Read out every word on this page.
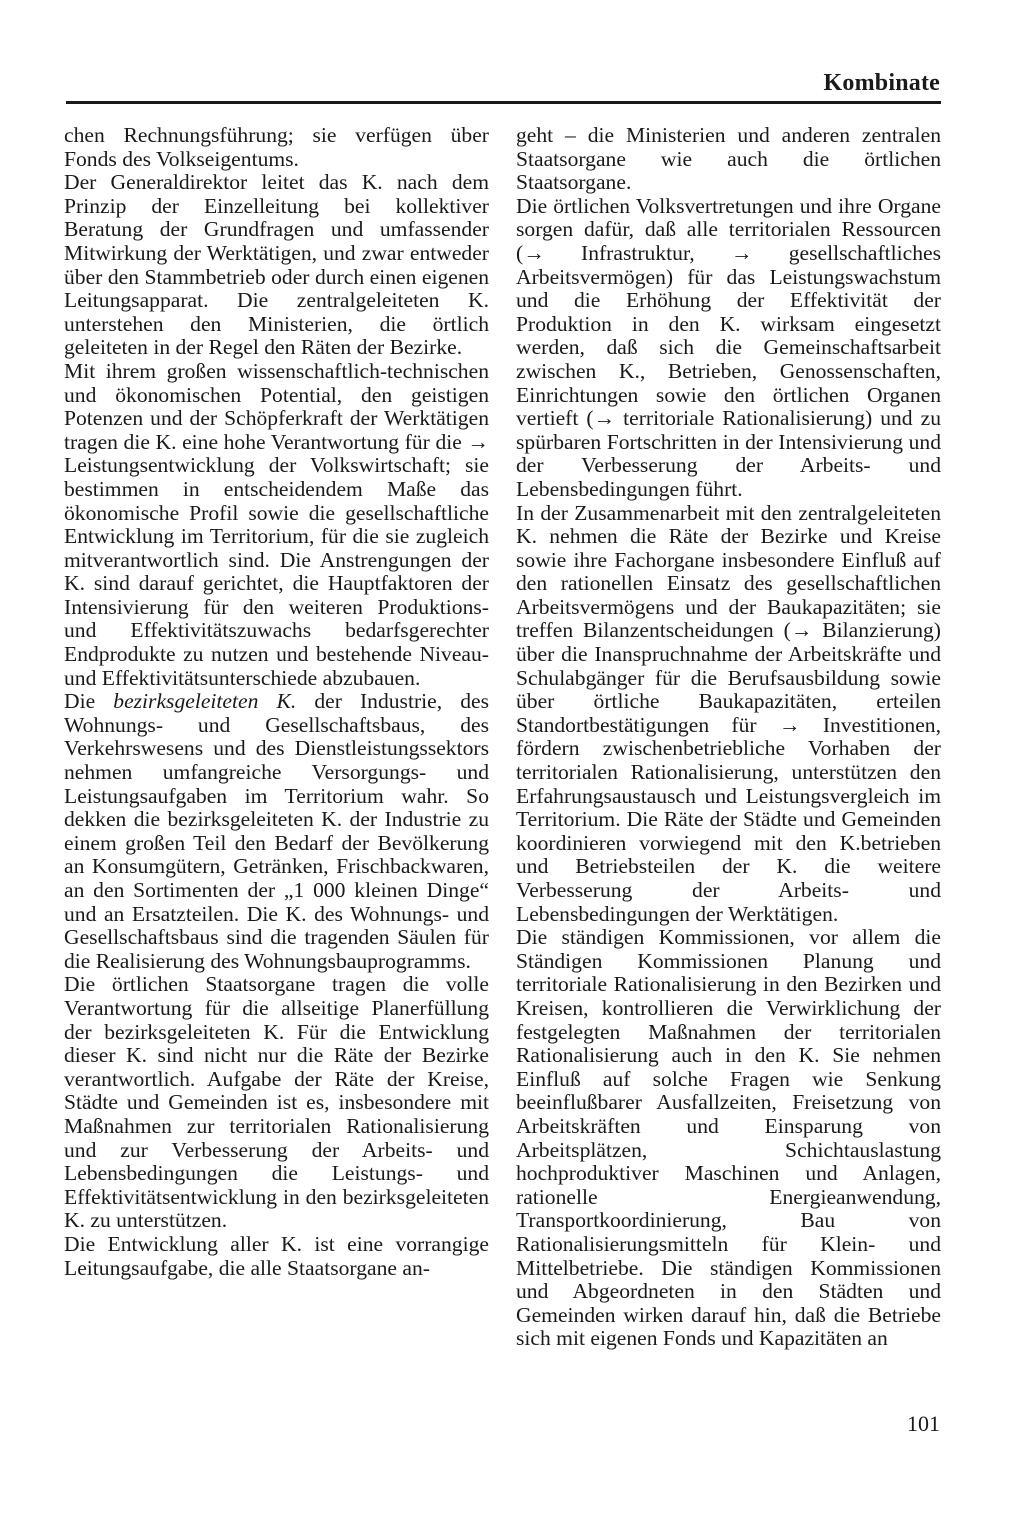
Kombinate

chen Rechnungsführung; sie verfügen über Fonds des Volkseigentums.

Der Generaldirektor leitet das K. nach dem Prinzip der Einzelleitung bei kollektiver Beratung der Grundfragen und umfassender Mitwirkung der Werktätigen, und zwar entweder über den Stammbetrieb oder durch einen eigenen Leitungsapparat. Die zentralgeleiteten K. unterstehen den Ministerien, die örtlich geleiteten in der Regel den Räten der Bezirke.

Mit ihrem großen wissenschaftlich-technischen und ökonomischen Potential, den geistigen Potenzen und der Schöpferkraft der Werktätigen tragen die K. eine hohe Verantwortung für die → Leistungsentwicklung der Volkswirtschaft; sie bestimmen in entscheidendem Maße das ökonomische Profil sowie die gesellschaftliche Entwicklung im Territorium, für die sie zugleich mitverantwortlich sind. Die Anstrengungen der K. sind darauf gerichtet, die Hauptfaktoren der Intensivierung für den weiteren Produktions- und Effektivitätszuwachs bedarfsgerechter Endprodukte zu nutzen und bestehende Niveau- und Effektivitätsunterschiede abzubauen.

Die bezirksgeleiteten K. der Industrie, des Wohnungs- und Gesellschaftsbaus, des Verkehrswesens und des Dienstleistungssektors nehmen umfangreiche Versorgungs- und Leistungsaufgaben im Territorium wahr. So dekken die bezirksgeleiteten K. der Industrie zu einem großen Teil den Bedarf der Bevölkerung an Konsumgütern, Getränken, Frischbackwaren, an den Sortimenten der „1 000 kleinen Dinge“ und an Ersatzteilen. Die K. des Wohnungs- und Gesellschaftsbaus sind die tragenden Säulen für die Realisierung des Wohnungsbauprogramms.

Die örtlichen Staatsorgane tragen die volle Verantwortung für die allseitige Planerfüllung der bezirksgeleiteten K. Für die Entwicklung dieser K. sind nicht nur die Räte der Bezirke verantwortlich. Aufgabe der Räte der Kreise, Städte und Gemeinden ist es, insbesondere mit Maßnahmen zur territorialen Rationalisierung und zur Verbesserung der Arbeits- und Lebensbedingungen die Leistungs- und Effektivitätsentwicklung in den bezirksgeleiteten K. zu unterstützen.

Die Entwicklung aller K. ist eine vorrangige Leitungsaufgabe, die alle Staatsorgane an-

geht – die Ministerien und anderen zentralen Staatsorgane wie auch die örtlichen Staatsorgane.

Die örtlichen Volksvertretungen und ihre Organe sorgen dafür, daß alle territorialen Ressourcen (→ Infrastruktur, → gesellschaftliches Arbeitsvermögen) für das Leistungswachstum und die Erhöhung der Effektivität der Produktion in den K. wirksam eingesetzt werden, daß sich die Gemeinschaftsarbeit zwischen K., Betrieben, Genossenschaften, Einrichtungen sowie den örtlichen Organen vertieft (→ territoriale Rationalisierung) und zu spürbaren Fortschritten in der Intensivierung und der Verbesserung der Arbeits- und Lebensbedingungen führt.

In der Zusammenarbeit mit den zentralgeleiteten K. nehmen die Räte der Bezirke und Kreise sowie ihre Fachorgane insbesondere Einfluß auf den rationellen Einsatz des gesellschaftlichen Arbeitsvermögens und der Baukapazitäten; sie treffen Bilanzentscheidungen (→ Bilanzierung) über die Inanspruchnahme der Arbeitskräfte und Schulabgänger für die Berufsausbildung sowie über örtliche Baukapazitäten, erteilen Standortbestätigungen für → Investitionen, fördern zwischenbetriebliche Vorhaben der territorialen Rationalisierung, unterstützen den Erfahrungsaustausch und Leistungsvergleich im Territorium. Die Räte der Städte und Gemeinden koordinieren vorwiegend mit den K.betrieben und Betriebsteilen der K. die weitere Verbesserung der Arbeits- und Lebensbedingungen der Werktätigen.

Die ständigen Kommissionen, vor allem die Ständigen Kommissionen Planung und territoriale Rationalisierung in den Bezirken und Kreisen, kontrollieren die Verwirklichung der festgelegten Maßnahmen der territorialen Rationalisierung auch in den K. Sie nehmen Einfluß auf solche Fragen wie Senkung beeinflußbarer Ausfallzeiten, Freisetzung von Arbeitskräften und Einsparung von Arbeitsplätzen, Schichtauslastung hochproduktiver Maschinen und Anlagen, rationelle Energieanwendung, Transportkoordinierung, Bau von Rationalisierungsmitteln für Klein- und Mittelbetriebe. Die ständigen Kommissionen und Abgeordneten in den Städten und Gemeinden wirken darauf hin, daß die Betriebe sich mit eigenen Fonds und Kapazitäten an

101
